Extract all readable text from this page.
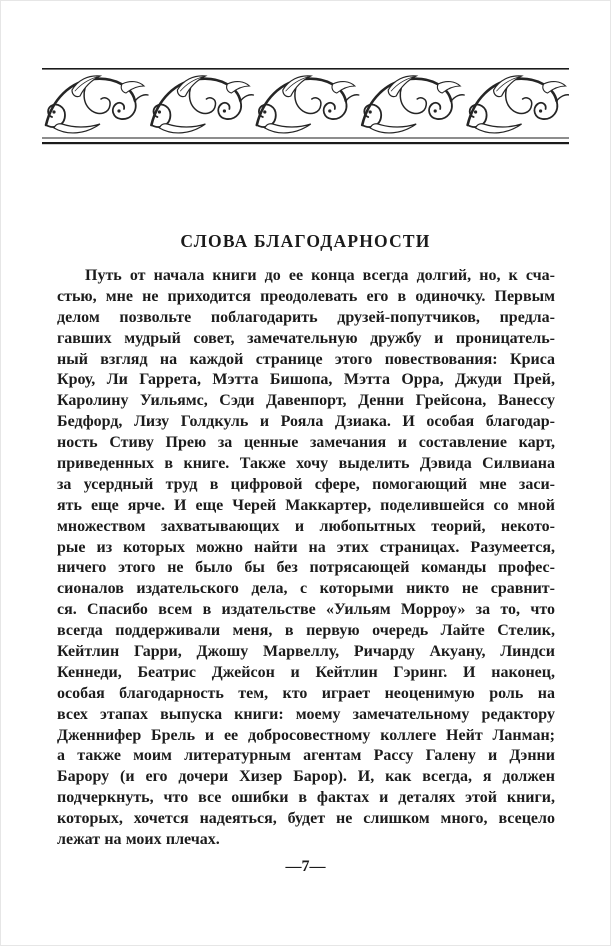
СЛОВА БЛАГОДАРНОСТИ
Путь от начала книги до ее конца всегда долгий, но, к сча-
стью, мне не приходится преодолевать его в одиночку. Первым
делом позвольте поблагодарить друзей-попутчиков, предла-
гавших мудрый совет, замечательную дружбу и проницатель-
ный взгляд на каждой странице этого повествования: Криса
Кроу, Ли Гаррета, Мэтта Бишопа, Мэтта Орра, Джуди Прей,
Каролину Уильямс, Сэди Давенпорт, Денни Грейсона, Ванессу
Бедфорд, Лизу Голдкуль и Рояла Дзиака. И особая благодар-
ность Стиву Прею за ценные замечания и составление карт,
приведенных в книге. Также хочу выделить Дэвида Силвиана
за усердный труд в цифровой сфере, помогающий мне заси-
ять еще ярче. И еще Черей Маккартер, поделившейся со мной
множеством захватывающих и любопытных теорий, некото-
рые из которых можно найти на этих страницах. Разумеется,
ничего этого не было бы без потрясающей команды профес-
сионалов издательского дела, с которыми никто не сравнит-
ся. Спасибо всем в издательстве «Уильям Морроу» за то, что
всегда поддерживали меня, в первую очередь Лайте Стелик,
Кейтлин Гарри, Джошу Марвеллу, Ричарду Акуану, Линдси
Кеннеди, Беатрис Джейсон и Кейтлин Гэринг. И наконец,
особая благодарность тем, кто играет неоценимую роль на
всех этапах выпуска книги: моему замечательному редактору
Дженнифер Брель и ее добросовестному коллеге Нейт Ланман;
а также моим литературным агентам Рассу Галену и Дэнни
Барору (и его дочери Хизер Барор). И, как всегда, я должен
подчеркнуть, что все ошибки в фактах и деталях этой книги,
которых, хочется надеяться, будет не слишком много, всецело
лежат на моих плечах.
—7—
